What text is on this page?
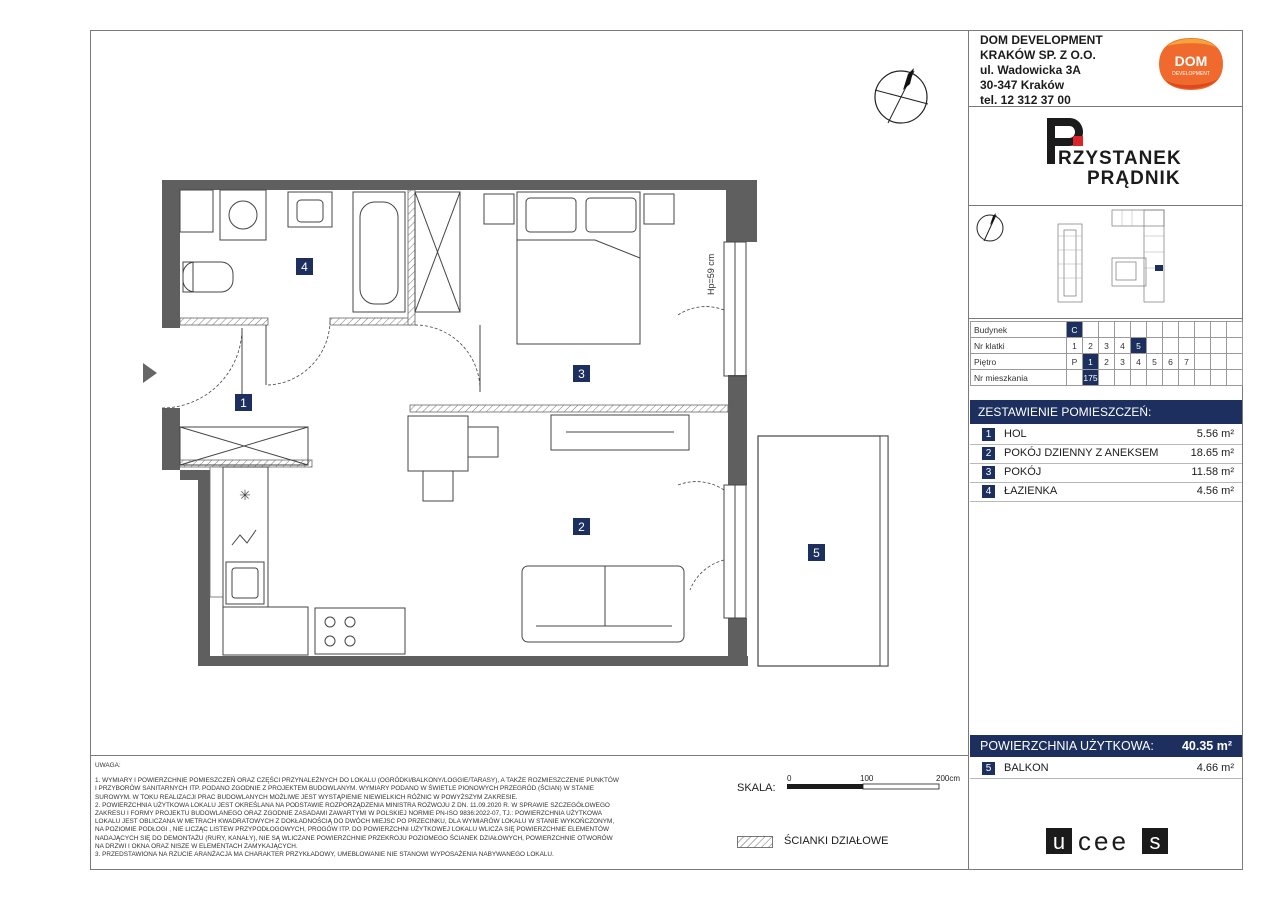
✳
Hp=59 cm
1
2
3
4
5
DOM DEVELOPMENT
KRAKÓW SP. Z O.O.
ul. Wadowicka 3A
30-347 Kraków
tel. 12 312 37 00
DOM
DEVELOPMENT
RZYSTANEK
PRĄDNIK
Budynek	C										
Nr klatki	1	2	3	4	5						
Piętro	P	1	2	3	4	5	6	7			
Nr mieszkania		175									
ZESTAWIENIE POMIESZCZEŃ:
1	HOL	5.56 m²
2	POKÓJ DZIENNY Z ANEKSEM	18.65 m²
3	POKÓJ	11.58 m²
4	ŁAZIENKA	4.56 m²
POWIERZCHNIA UŻYTKOWA: 40.35 m²
5	BALKON	4.66 m²

UWAGA:

1. WYMIARY I POWIERZCHNIE POMIESZCZEŃ ORAZ CZĘŚCI PRZYNALEŻNYCH DO LOKALU (OGRÓDKI/BALKONY/LOGGIE/TARASY), A TAKŻE ROZMIESZCZENIE PUNKTÓW

I PRZYBORÓW SANITARNYCH ITP. PODANO ZGODNIE Z PROJEKTEM BUDOWLANYM. WYMIARY PODANO W ŚWIETLE PIONOWYCH PRZEGRÓD (ŚCIAN) W STANIE

SUROWYM. W TOKU REALIZACJI PRAC BUDOWLANYCH MOŻLIWE JEST WYSTĄPIENIE NIEWIELKICH RÓŻNIC W POWYŻSZYM ZAKRESIE.

2. POWIERZCHNIA UŻYTKOWA LOKALU JEST OKREŚLANA NA PODSTAWIE ROZPORZĄDZENIA MINISTRA ROZWOJU Z DN. 11.09.2020 R. W SPRAWIE SZCZEGÓŁOWEGO

ZAKRESU I FORMY PROJEKTU BUDOWLANEGO ORAZ ZGODNIE ZASADAMI ZAWARTYMI W POLSKIEJ NORMIE PN-ISO 9836:2022-07, TJ.: POWIERZCHNIA UŻYTKOWA

LOKALU JEST OBLICZANA W METRACH KWADRATOWYCH Z DOKŁADNOŚCIĄ DO DWÓCH MIEJSC PO PRZECINKU, DLA WYMIARÓW LOKALU W STANIE WYKOŃCZONYM,

NA POZIOMIE PODŁOGI , NIE LICZĄC LISTEW PRZYPODŁOGOWYCH, PROGÓW ITP. DO POWIERZCHNI UŻYTKOWEJ LOKALU WLICZA SIĘ POWIERZCHNIE ELEMENTÓW

NADAJĄCYCH SIĘ DO DEMONTAŻU (RURY, KANAŁY), NIE SĄ WLICZANE POWIERZCHNIE PRZEKROJU POZIOMEGO ŚCIANEK DZIAŁOWYCH, POWIERZCHNIE OTWORÓW

NA DRZWI I OKNA ORAZ NISZE W ELEMENTACH ZAMYKAJĄCYCH.

3. PRZEDSTAWIONA NA RZUCIE ARANŻACJA MA CHARAKTER PRZYKŁADOWY, UMEBLOWANIE NIE STANOWI WYPOSAŻENIA NABYWANEGO LOKALU.

SKALA:
0	100	200cm
ŚCIANKI DZIAŁOWE	u cee s
